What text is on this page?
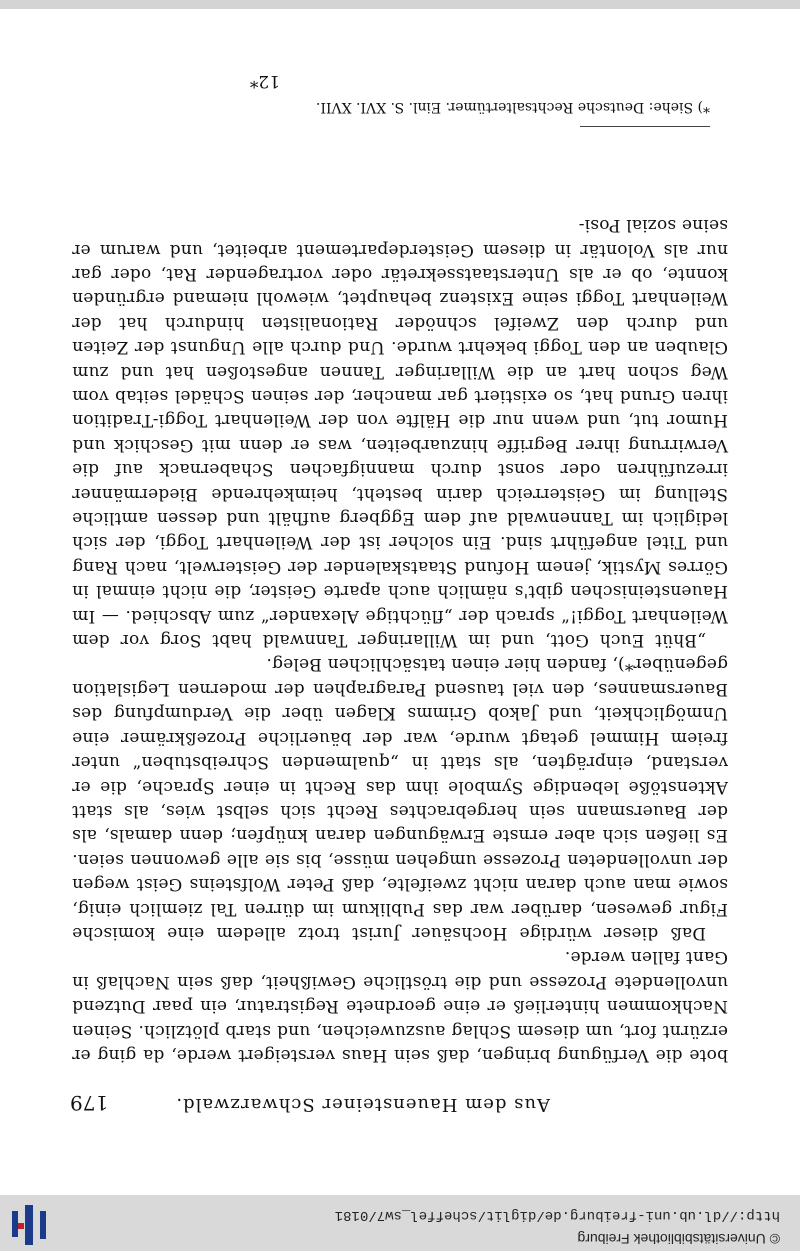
© Universitätsbibliothek Freiburg
http://dl.ub.uni-freiburg.de/diglit/scheffel_sw7/0181
Aus dem Hauensteiner Schwarzwald.
179

bote die Verfügung bringen, daß sein Haus versteigert werde, da ging er erzürnt fort, um diesem Schlag auszuweichen, und starb plötzlich. Seinen Nachkommen hinterließ er eine geordnete Registratur, ein paar Dutzend unvollendete Prozesse und die tröstliche Gewißheit, daß sein Nachlaß in Gant fallen werde.

Daß dieser würdige Hochsäuer Jurist trotz alledem eine komische Figur gewesen, darüber war das Publikum im dürren Tal ziemlich einig, sowie man auch daran nicht zweifelte, daß Peter Wolfsteins Geist wegen der unvollendeten Prozesse umgehen müsse, bis sie alle gewonnen seien. Es ließen sich aber ernste Erwägungen daran knüpfen; denn damals, als der Bauersmann sein hergebrachtes Recht sich selbst wies, als statt Aktenstöße lebendige Symbole ihm das Recht in einer Sprache, die er verstand, einprägten, als statt in „qualmenden Schreibstuben“ unter freiem Himmel getagt wurde, war der bäuerliche Prozeßkrämer eine Unmöglichkeit, und Jakob Grimms Klagen über die Verdumpfung des Bauersmannes, den viel tausend Paragraphen der modernen Legislation gegenüber*), fanden hier einen tatsächlichen Beleg.

„Bhüt Euch Gott, und im Willaringer Tannwald habt Sorg vor dem Weilenhart Toggi!“ sprach der „flüchtige Alexander“ zum Abschied. — Im Hauensteinischen gibt's nämlich auch aparte Geister, die nicht einmal in Görres Mystik, jenem Hofund Staatskalender der Geisterwelt, nach Rang und Titel angeführt sind. Ein solcher ist der Weilenhart Toggi, der sich lediglich im Tannenwald auf dem Eggberg aufhält und dessen amtliche Stellung im Geisterreich darin besteht, heimkehrende Biedermänner irrezuführen oder sonst durch mannigfachen Schabernack auf die Verwirrung ihrer Begriffe hinzuarbeiten, was er denn mit Geschick und Humor tut, und wenn nur die Hälfte von der Weilenhart Toggi-Tradition ihren Grund hat, so existiert gar mancher, der seinen Schädel seitab vom Weg schon hart an die Willaringer Tannen angestoßen hat und zum Glauben an den Toggi bekehrt wurde. Und durch alle Ungunst der Zeiten und durch den Zweifel schnöder Rationalisten hindurch hat der Weilenhart Toggi seine Existenz behauptet, wiewohl niemand ergründen konnte, ob er als Unterstaatssekretär oder vortragender Rat, oder gar nur als Volontär in diesem Geisterdepartement arbeitet, und warum er seine sozial Posi-

*) Siehe: Deutsche Rechtsaltertümer. Einl. S. XVI. XVII.
12*
